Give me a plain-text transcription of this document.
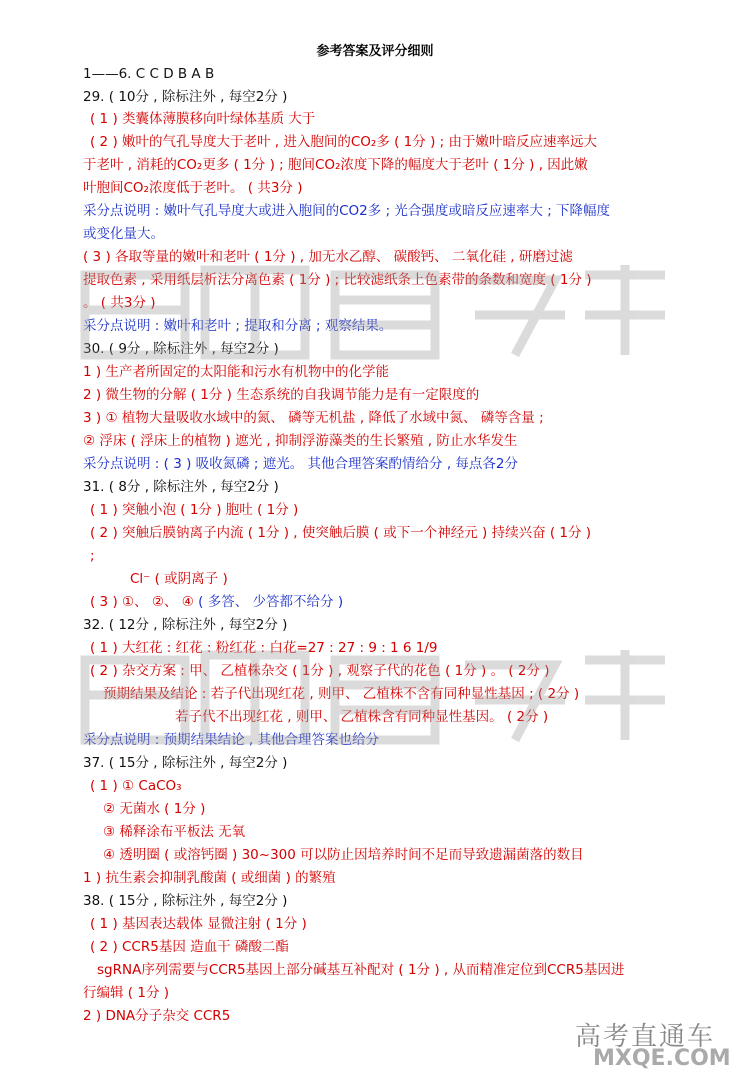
参考答案及评分细则
1——6. C C D B A B
29. ( 10分 , 除标注外 , 每空2分 )
( 1 ) 类囊体薄膜移向叶绿体基质 大于
( 2 ) 嫩叶的气孔导度大于老叶 , 进入胞间的CO₂多 ( 1分 ) ; 由于嫩叶暗反应速率远大
于老叶 , 消耗的CO₂更多 ( 1分 ) ; 胞间CO₂浓度下降的幅度大于老叶 ( 1分 ) , 因此嫩
叶胞间CO₂浓度低于老叶。 ( 共3分 )
采分点说明 : 嫩叶气孔导度大或进入胞间的CO2多 ; 光合强度或暗反应速率大 ; 下降幅度
或变化量大。
( 3 ) 各取等量的嫩叶和老叶 ( 1分 ) , 加无水乙醇、 碳酸钙、 二氧化硅 , 研磨过滤
提取色素 , 采用纸层析法分离色素 ( 1分 ) ; 比较滤纸条上色素带的条数和宽度 ( 1分 )
。 ( 共3分 )
采分点说明 : 嫩叶和老叶 ; 提取和分离 ; 观察结果。
30. ( 9分 , 除标注外 , 每空2分 )
1 ) 生产者所固定的太阳能和污水有机物中的化学能
2 ) 微生物的分解 ( 1分 ) 生态系统的自我调节能力是有一定限度的
3 ) ① 植物大量吸收水域中的氮、 磷等无机盐 , 降低了水域中氮、 磷等含量 ;
② 浮床 ( 浮床上的植物 ) 遮光 , 抑制浮游藻类的生长繁殖 , 防止水华发生
采分点说明 : ( 3 ) 吸收氮磷 ; 遮光。 其他合理答案酌情给分 , 每点各2分
31. ( 8分 , 除标注外 , 每空2分 )
( 1 ) 突触小泡 ( 1分 ) 胞吐 ( 1分 )
( 2 ) 突触后膜钠离子内流 ( 1分 ) , 使突触后膜 ( 或下一个神经元 ) 持续兴奋 ( 1分 )
;
Cl⁻ ( 或阴离子 )
( 3 ) ①、 ②、 ④ ( 多答、 少答都不给分 )
32. ( 12分 , 除标注外 , 每空2分 )
( 1 ) 大红花 : 红花 : 粉红花 : 白花=27 : 27 : 9 : 1 6 1/9
( 2 ) 杂交方案 : 甲、 乙植株杂交 ( 1分 ) , 观察子代的花色 ( 1分 ) 。 ( 2分 )
预期结果及结论 : 若子代出现红花 , 则甲、 乙植株不含有同种显性基因 ; ( 2分 )
若子代不出现红花 , 则甲、 乙植株含有同种显性基因。 ( 2分 )
采分点说明 : 预期结果结论 , 其他合理答案也给分
37. ( 15分 , 除标注外 , 每空2分 )
( 1 ) ① CaCO₃
② 无菌水 ( 1分 )
③ 稀释涂布平板法 无氧
④ 透明圈 ( 或溶钙圈 ) 30~300 可以防止因培养时间不足而导致遗漏菌落的数目
1 ) 抗生素会抑制乳酸菌 ( 或细菌 ) 的繁殖
38. ( 15分 , 除标注外 , 每空2分 )
( 1 ) 基因表达载体 显微注射 ( 1分 )
( 2 ) CCR5基因 造血干 磷酸二酯
sgRNA序列需要与CCR5基因上部分碱基互补配对 ( 1分 ) , 从而精准定位到CCR5基因进
行编辑 ( 1分 )
2 ) DNA分子杂交 CCR5
高考直通车
MXQE.COM
